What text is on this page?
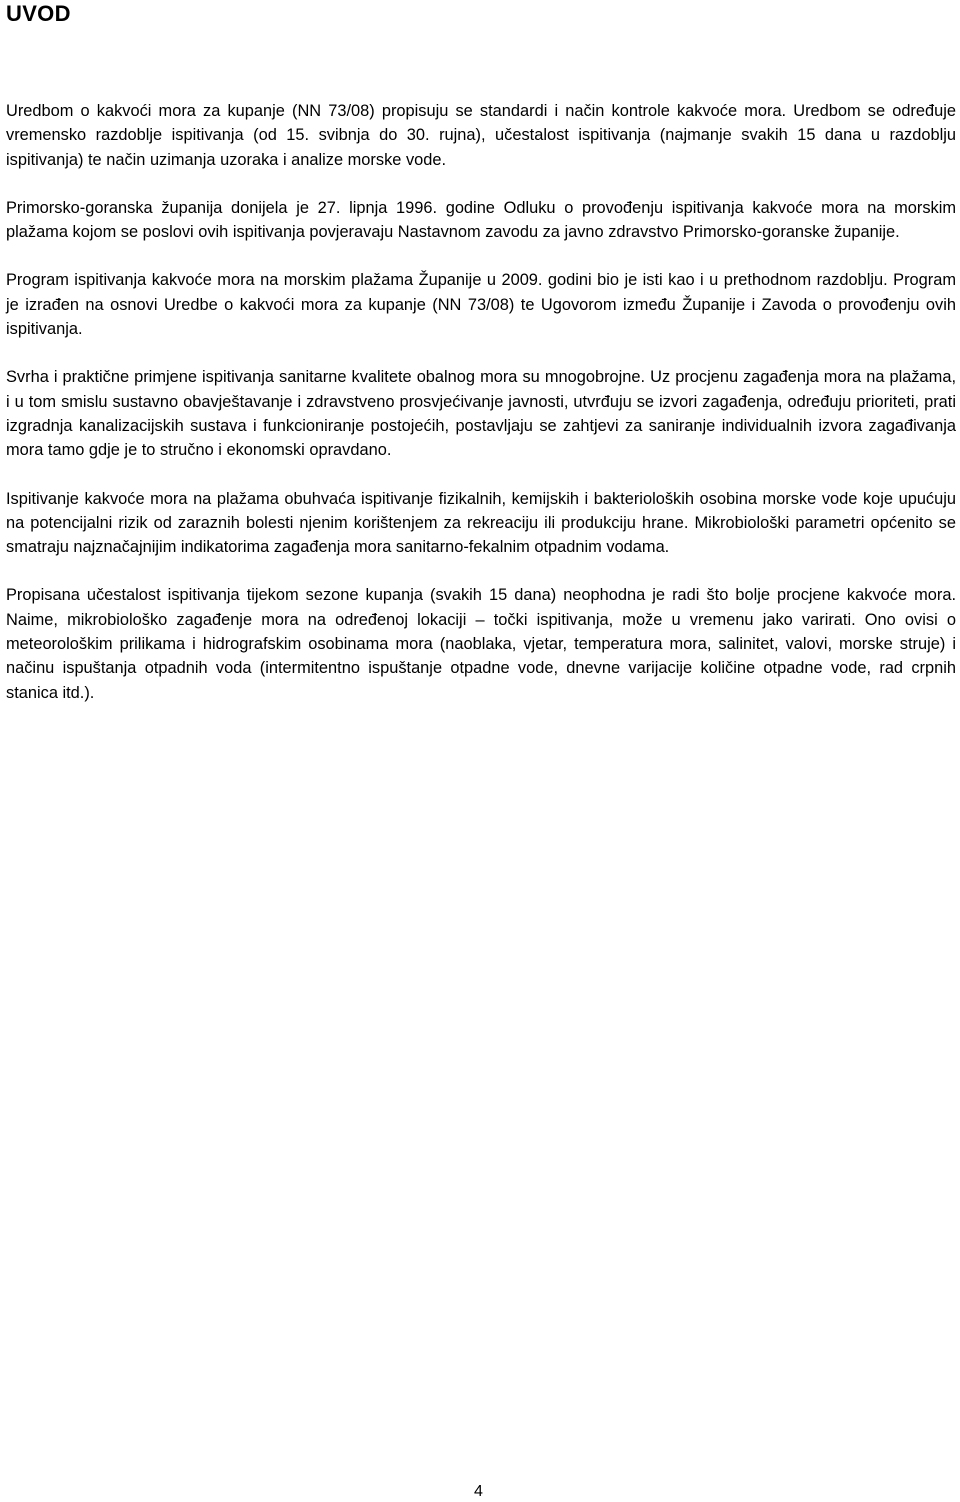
UVOD

Uredbom o kakvoći mora za kupanje (NN 73/08) propisuju se standardi i način kontrole kakvoće mora. Uredbom se određuje vremensko razdoblje ispitivanja (od 15. svibnja do 30. rujna), učestalost ispitivanja (najmanje svakih 15 dana u razdoblju ispitivanja) te način uzimanja uzoraka i analize morske vode.

Primorsko-goranska županija donijela je 27. lipnja 1996. godine Odluku o provođenju ispitivanja kakvoće mora na morskim plažama kojom se poslovi ovih ispitivanja povjeravaju Nastavnom zavodu za javno zdravstvo Primorsko-goranske županije.

Program ispitivanja kakvoće mora na morskim plažama Županije u 2009. godini bio je isti kao i u prethodnom razdoblju. Program je izrađen na osnovi Uredbe o kakvoći mora za kupanje (NN 73/08) te Ugovorom između Županije i Zavoda o provođenju ovih ispitivanja.

Svrha i praktične primjene ispitivanja sanitarne kvalitete obalnog mora su mnogobrojne. Uz procjenu zagađenja mora na plažama, i u tom smislu sustavno obavještavanje i zdravstveno prosvjećivanje javnosti, utvrđuju se izvori zagađenja, određuju prioriteti, prati izgradnja kanalizacijskih sustava i funkcioniranje postojećih, postavljaju se zahtjevi za saniranje individualnih izvora zagađivanja mora tamo gdje je to stručno i ekonomski opravdano.

Ispitivanje kakvoće mora na plažama obuhvaća ispitivanje fizikalnih, kemijskih i bakterioloških osobina morske vode koje upućuju na potencijalni rizik od zaraznih bolesti njenim korištenjem za rekreaciju ili produkciju hrane. Mikrobiološki parametri općenito se smatraju najznačajnijim indikatorima zagađenja mora sanitarno-fekalnim otpadnim vodama.

Propisana učestalost ispitivanja tijekom sezone kupanja (svakih 15 dana) neophodna je radi što bolje procjene kakvoće mora. Naime, mikrobiološko zagađenje mora na određenoj lokaciji – točki ispitivanja, može u vremenu jako varirati. Ono ovisi o meteorološkim prilikama i hidrografskim osobinama mora (naoblaka, vjetar, temperatura mora, salinitet, valovi, morske struje) i načinu ispuštanja otpadnih voda (intermitentno ispuštanje otpadne vode, dnevne varijacije količine otpadne vode, rad crpnih stanica itd.).

4
